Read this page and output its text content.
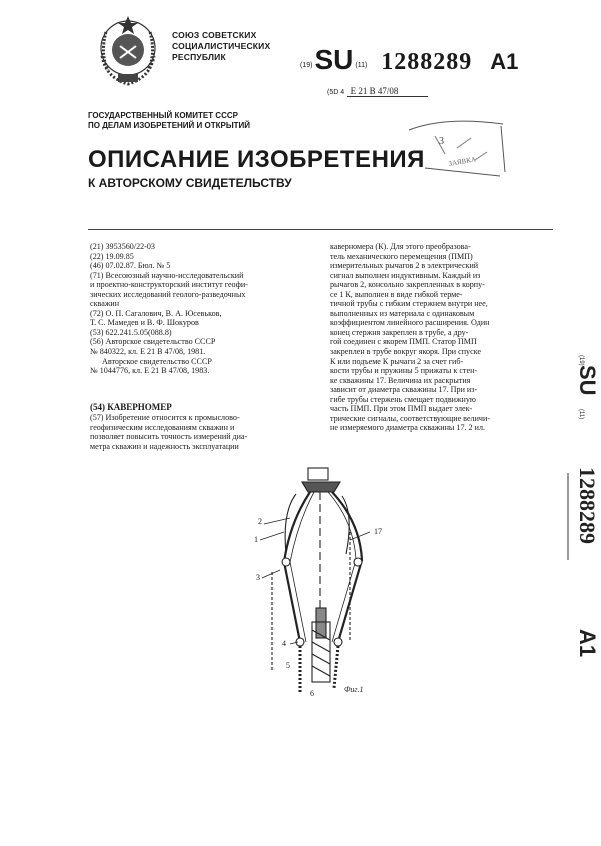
СОЮЗ СОВЕТСКИХ
СОЦИАЛИСТИЧЕСКИХ
РЕСПУБЛИК
(19)SU (11) 1288289 A1
(5D 4 Е 21 В 47/08
ГОСУДАРСТВЕННЫЙ КОМИТЕТ СССР
ПО ДЕЛАМ ИЗОБРЕТЕНИЙ И ОТКРЫТИЙ
3
ЗАЯВКА
ОПИСАНИЕ ИЗОБРЕТЕНИЯ
К АВТОРСКОМУ СВИДЕТЕЛЬСТВУ
(21) 3953560/22-03
(22) 19.09.85
(46) 07.02.87. Бюл. № 5
(71) Всесоюзный научно-исследовательский
и проектно-конструкторский институт геофи-
зических исследований геолого-разведочных
скважин
(72) О. П. Сагалович, В. А. Юсевьков,
Т. С. Мамедев и В. Ф. Шокуров
(53) 622.241.5.05(088.8)
(56) Авторское свидетельство СССР
№ 840322, кл. Е 21 В 47/08, 1981.
Авторское свидетельство СССР
№ 1044776, кл. Е 21 В 47/08, 1983.
(54) КАВЕРНОМЕР
(57) Изобретение относится к промыслово-
геофизическим исследованиям скважин и
позволяет повысить точность измерений диа-
метра скважин и надежность эксплуатации
каверномера (К). Для этого преобразова-
тель механического перемещения (ПМП)
измерительных рычагов 2 в электрический
сигнал выполнен индуктивным. Каждый из
рычагов 2, консольно закрепленных в корпу-
се 1 К, выполнен в виде гибкой терме-
тичной трубы с гибким стержнем внутри нее,
выполненных из материала с одинаковым
коэффициентом линейного расширения. Один
конец стержня закреплен в трубе, а дру-
гой соединен с якорем ПМП. Статор ПМП
закреплен в трубе вокруг якоря. При спуске
К или подъеме К рычаги 2 за счет гиб-
кости трубы и пружины 5 прижаты к стен-
ке скважины 17. Величина их раскрытия
зависит от диаметра скважины 17. При из-
гибе трубы стержень смещает подвижную
часть ПМП. При этом ПМП выдает элек-
трические сигналы, соответствующие величи-
не измеряемого диаметра скважины 17. 2 ил.
(19)
SU
(11)
1288289
A1
1
2
3
17
4
5
6	Фиг.1
